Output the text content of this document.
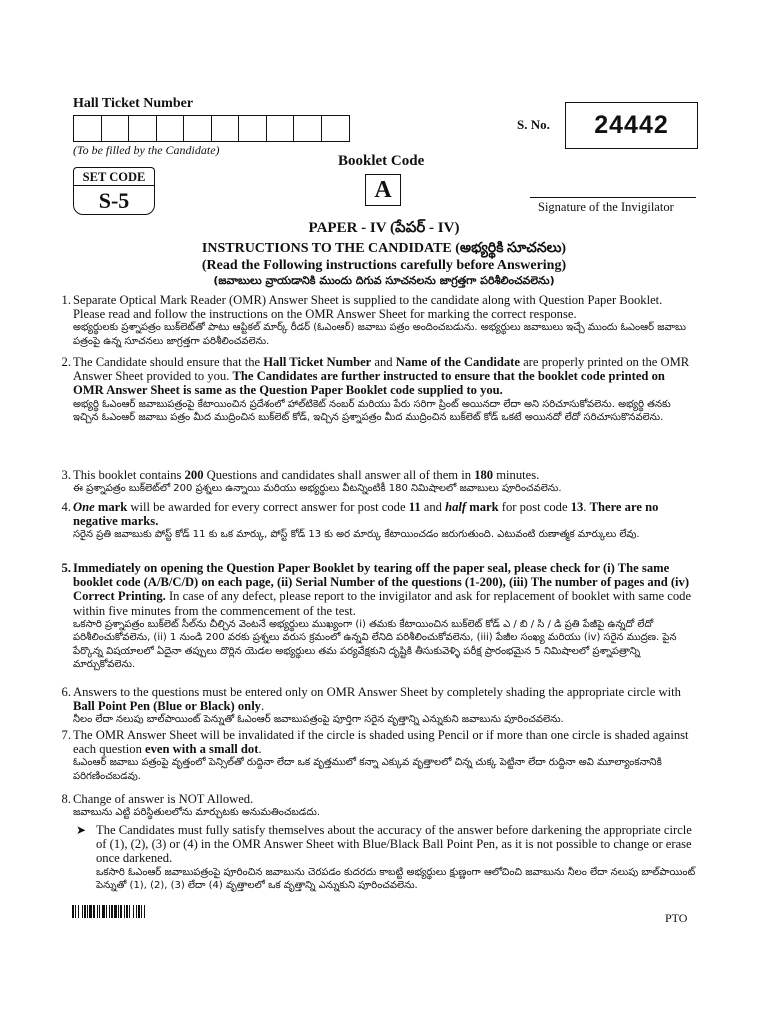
Hall Ticket Number
(To be filled by the Candidate)
S. No.	24442
Booklet Code
A
SET CODE
S-5	Signature of the Invigilator
PAPER - IV (పేపర్ - IV)
INSTRUCTIONS TO THE CANDIDATE (అభ్యర్థికి సూచనలు)
(Read the Following instructions carefully before Answering)
(జవాబులు వ్రాయడానికి ముందు దిగువ సూచనలను జాగ్రత్తగా పరిశీలించవలెను)
1. Separate Optical Mark Reader (OMR) Answer Sheet is supplied to the candidate along with Question Paper Booklet. Please read and follow the instructions on the OMR Answer Sheet for marking the correct response.
అభ్యర్థులకు ప్రశ్నాపత్రం బుక్‌లెట్‌తో పాటు ఆప్టికల్ మార్క్ రీడర్ (ఓఎంఆర్) జవాబు పత్రం అందించబడును. అభ్యర్థులు జవాబులు ఇచ్చే ముందు ఓఎంఆర్ జవాబు పత్రంపై ఉన్న సూచనలు జాగ్రత్తగా పరిశీలించవలెను.
2. The Candidate should ensure that the Hall Ticket Number and Name of the Candidate are properly printed on the OMR Answer Sheet provided to you. The Candidates are further instructed to ensure that the booklet code printed on OMR Answer Sheet is same as the Question Paper Booklet code supplied to you.
అభ్యర్థి ఓఎంఆర్ జవాబుపత్రంపై కేటాయించిన ప్రదేశంలో హాల్‌టికెట్ నంబర్ మరియు పేరు సరిగా ప్రింట్ అయినదా లేదా అని సరిచూసుకోవలెను. అభ్యర్థి తనకు ఇచ్చిన ఓఎంఆర్ జవాబు పత్రం మీద ముద్రించిన బుక్‌లెట్ కోడ్, ఇచ్చిన ప్రశ్నాపత్రం మీద ముద్రించిన బుక్‌లెట్ కోడ్ ఒకటే అయినదో లేదో సరిచూసుకొనవలెను.
3. This booklet contains 200 Questions and candidates shall answer all of them in 180 minutes.
ఈ ప్రశ్నాపత్రం బుక్‌లెట్‌లో 200 ప్రశ్నలు ఉన్నాయి మరియు అభ్యర్థులు వీటన్నింటికీ 180 నిమిషాలలో జవాబులు పూరించవలెను.
4. One mark will be awarded for every correct answer for post code 11 and half mark for post code 13. There are no negative marks.
సరైన ప్రతి జవాబుకు పోస్ట్ కోడ్ 11 కు ఒక మార్కు, పోస్ట్ కోడ్ 13 కు అర మార్కు కేటాయించడం జరుగుతుంది. ఎటువంటి రుణాత్మక మార్కులు లేవు.
5. Immediately on opening the Question Paper Booklet by tearing off the paper seal, please check for (i) The same booklet code (A/B/C/D) on each page, (ii) Serial Number of the questions (1-200), (iii) The number of pages and (iv) Correct Printing. In case of any defect, please report to the invigilator and ask for replacement of booklet with same code within five minutes from the commencement of the test.
ఒకసారి ప్రశ్నాపత్రం బుక్‌లెట్ సీల్‌ను చీల్చిన వెంటనే అభ్యర్థులు ముఖ్యంగా (i) తమకు కేటాయించిన బుక్‌లెట్ కోడ్ ఎ / బి / సి / డి ప్రతి పేజీపై ఉన్నదో లేదో పరిశీలించుకోవలెను, (ii) 1 నుండి 200 వరకు ప్రశ్నలు వరుస క్రమంలో ఉన్నవి లేనిది పరిశీలించుకోవలెను, (iii) పేజీల సంఖ్య మరియు (iv) సరైన ముద్రణ. పైన పేర్కొన్న విషయాలలో ఏదైనా తప్పులు దొర్లిన యెడల అభ్యర్థులు తమ పర్యవేక్షకుని దృష్టికి తీసుకువెళ్ళి పరీక్ష ప్రారంభమైన 5 నిమిషాలలో ప్రశ్నాపత్రాన్ని మార్చుకోవలెను.
6. Answers to the questions must be entered only on OMR Answer Sheet by completely shading the appropriate circle with Ball Point Pen (Blue or Black) only.
నీలం లేదా నలుపు బాల్‌పాయింట్ పెన్నుతో ఓఎంఆర్ జవాబుపత్రంపై పూర్తిగా సరైన వృత్తాన్ని ఎన్నుకుని జవాబును పూరించవలెను.
7. The OMR Answer Sheet will be invalidated if the circle is shaded using Pencil or if more than one circle is shaded against each question even with a small dot.
ఓఎంఆర్ జవాబు పత్రంపై వృత్తంలో పెన్సిల్‌తో రుద్దినా లేదా ఒక వృత్తములో కన్నా ఎక్కువ వృత్తాలలో చిన్న చుక్క పెట్టినా లేదా రుద్దినా అవి మూల్యాంకనానికి పరిగణించబడవు.
8. Change of answer is NOT Allowed.
జవాబును ఎట్టి పరిస్థితులలోను మార్చుటకు అనుమతించబడదు.
➤ The Candidates must fully satisfy themselves about the accuracy of the answer before darkening the appropriate circle of (1), (2), (3) or (4) in the OMR Answer Sheet with Blue/Black Ball Point Pen, as it is not possible to change or erase once darkened.
ఒకసారి ఓఎంఆర్ జవాబుపత్రంపై పూరించిన జవాబును చెరపడం కుదరదు కాబట్టి అభ్యర్థులు క్షుణ్ణంగా ఆలోచించి జవాబును నీలం లేదా నలుపు బాల్‌పాయింట్ పెన్నుతో (1), (2), (3) లేదా (4) వృత్తాలలో ఒక వృత్తాన్ని ఎన్నుకుని పూరించవలెను.
PTO
